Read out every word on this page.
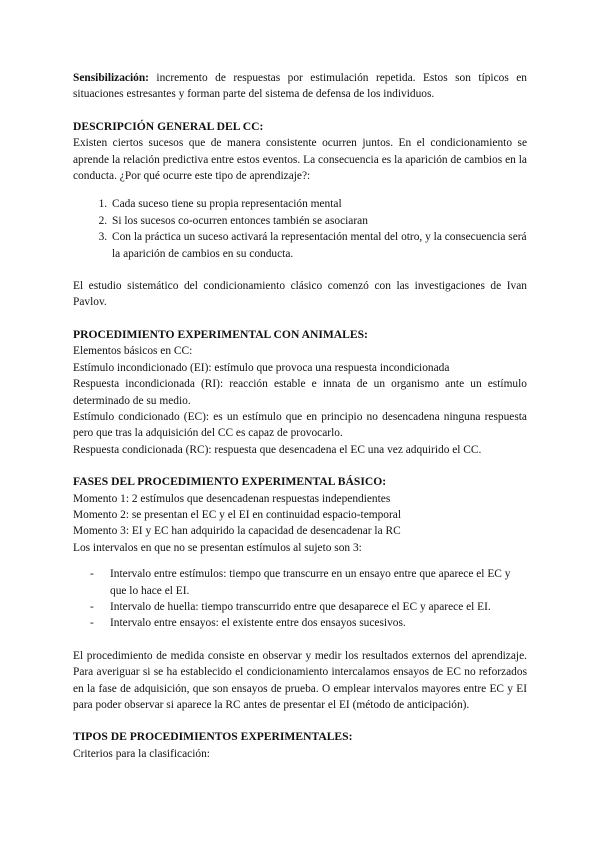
Sensibilización: incremento de respuestas por estimulación repetida. Estos son típicos en situaciones estresantes y forman parte del sistema de defensa de los individuos.

DESCRIPCIÓN GENERAL DEL CC:

Existen ciertos sucesos que de manera consistente ocurren juntos. En el condicionamiento se aprende la relación predictiva entre estos eventos. La consecuencia es la aparición de cambios en la conducta. ¿Por qué ocurre este tipo de aprendizaje?:

1. Cada suceso tiene su propia representación mental
2. Si los sucesos co-ocurren entonces también se asociaran
3. Con la práctica un suceso activará la representación mental del otro, y la consecuencia será la aparición de cambios en su conducta.

El estudio sistemático del condicionamiento clásico comenzó con las investigaciones de Ivan Pavlov.

PROCEDIMIENTO EXPERIMENTAL CON ANIMALES:

Elementos básicos en CC:

Estímulo incondicionado (EI): estímulo que provoca una respuesta incondicionada

Respuesta incondicionada (RI): reacción estable e innata de un organismo ante un estímulo determinado de su medio.

Estímulo condicionado (EC): es un estímulo que en principio no desencadena ninguna respuesta pero que tras la adquisición del CC es capaz de provocarlo.

Respuesta condicionada (RC): respuesta que desencadena el EC una vez adquirido el CC.

FASES DEL PROCEDIMIENTO EXPERIMENTAL BÁSICO:

Momento 1: 2 estímulos que desencadenan respuestas independientes

Momento 2: se presentan el EC y el EI en continuidad espacio-temporal

Momento 3: EI y EC han adquirido la capacidad de desencadenar la RC

Los intervalos en que no se presentan estímulos al sujeto son 3:

- Intervalo entre estímulos: tiempo que transcurre en un ensayo entre que aparece el EC y que lo hace el EI.
- Intervalo de huella: tiempo transcurrido entre que desaparece el EC y aparece el EI.
- Intervalo entre ensayos: el existente entre dos ensayos sucesivos.

El procedimiento de medida consiste en observar y medir los resultados externos del aprendizaje. Para averiguar si se ha establecido el condicionamiento intercalamos ensayos de EC no reforzados en la fase de adquisición, que son ensayos de prueba. O emplear intervalos mayores entre EC y EI para poder observar si aparece la RC antes de presentar el EI (método de anticipación).

TIPOS DE PROCEDIMIENTOS EXPERIMENTALES:

Criterios para la clasificación:
